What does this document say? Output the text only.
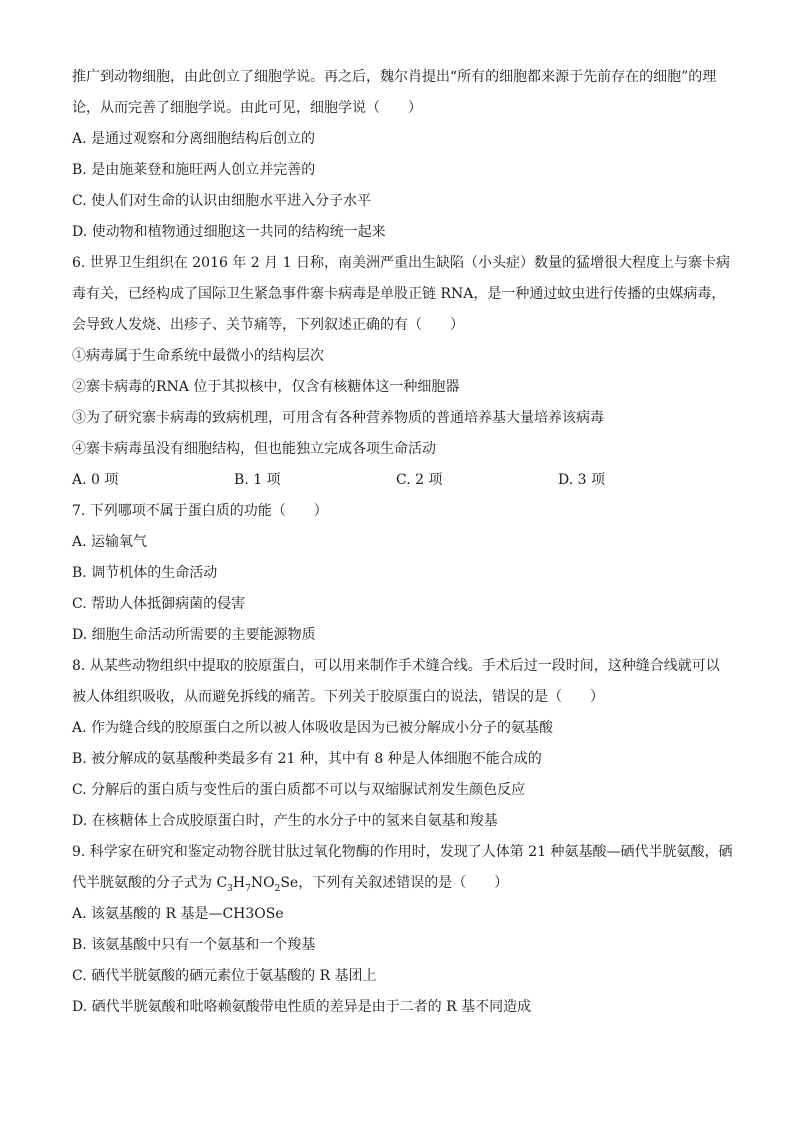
推广到动物细胞，由此创立了细胞学说。再之后，魏尔肖提出“所有的细胞都来源于先前存在的细胞”的理
论，从而完善了细胞学说。由此可见，细胞学说（　　）
A. 是通过观察和分离细胞结构后创立的
B. 是由施莱登和施旺两人创立并完善的
C. 使人们对生命的认识由细胞水平进入分子水平
D. 使动物和植物通过细胞这一共同的结构统一起来
6. 世界卫生组织在 2016 年 2 月 1 日称，南美洲严重出生缺陷（小头症）数量的猛增很大程度上与寨卡病
毒有关，已经构成了国际卫生紧急事件寨卡病毒是单股正链 RNA，是一种通过蚊虫进行传播的虫媒病毒，
会导致人发烧、出疹子、关节痛等，下列叙述正确的有（　　）
①病毒属于生命系统中最微小的结构层次
②寨卡病毒的RNA 位于其拟核中，仅含有核糖体这一种细胞器
③为了研究寨卡病毒的致病机理，可用含有各种营养物质的普通培养基大量培养该病毒
④寨卡病毒虽没有细胞结构，但也能独立完成各项生命活动
A. 0 项	B. 1 项	C. 2 项	D. 3 项
7. 下列哪项不属于蛋白质的功能（　　）
A. 运输氧气
B. 调节机体的生命活动
C. 帮助人体抵御病菌的侵害
D. 细胞生命活动所需要的主要能源物质
8. 从某些动物组织中提取的胶原蛋白，可以用来制作手术缝合线。手术后过一段时间，这种缝合线就可以
被人体组织吸收，从而避免拆线的痛苦。下列关于胶原蛋白的说法，错误的是（　　）
A. 作为缝合线的胶原蛋白之所以被人体吸收是因为已被分解成小分子的氨基酸
B. 被分解成的氨基酸种类最多有 21 种，其中有 8 种是人体细胞不能合成的
C. 分解后的蛋白质与变性后的蛋白质都不可以与双缩脲试剂发生颜色反应
D. 在核糖体上合成胶原蛋白时，产生的水分子中的氢来自氨基和羧基
9. 科学家在研究和鉴定动物谷胱甘肽过氧化物酶的作用时，发现了人体第 21 种氨基酸—硒代半胱氨酸，硒
代半胱氨酸的分子式为 $C_3H_7NO_2Se$，下列有关叙述错误的是（　　）
A. 该氨基酸的 R 基是—CH3OSe
B. 该氨基酸中只有一个氨基和一个羧基
C. 硒代半胱氨酸的硒元素位于氨基酸的 R 基团上
D. 硒代半胱氨酸和吡咯赖氨酸带电性质的差异是由于二者的 R 基不同造成
